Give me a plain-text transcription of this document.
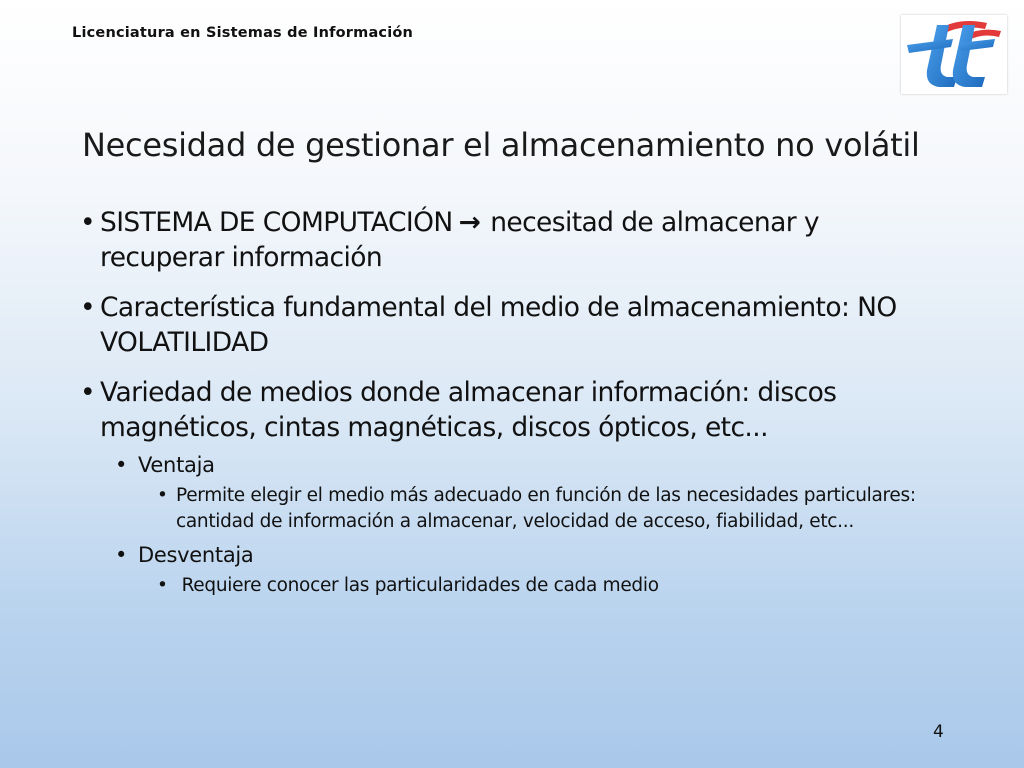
Licenciatura en Sistemas de Información
Necesidad de gestionar el almacenamiento no volátil
• SISTEMA DE COMPUTACIÓN → necesitad de almacenar y recuperar información
• Característica fundamental del medio de almacenamiento: NO VOLATILIDAD
• Variedad de medios donde almacenar información: discos magnéticos, cintas magnéticas, discos ópticos, etc...
• Ventaja
• Permite elegir el medio más adecuado en función de las necesidades particulares: cantidad de información a almacenar, velocidad de acceso, fiabilidad, etc...
• Desventaja
• Requiere conocer las particularidades de cada medio
4
